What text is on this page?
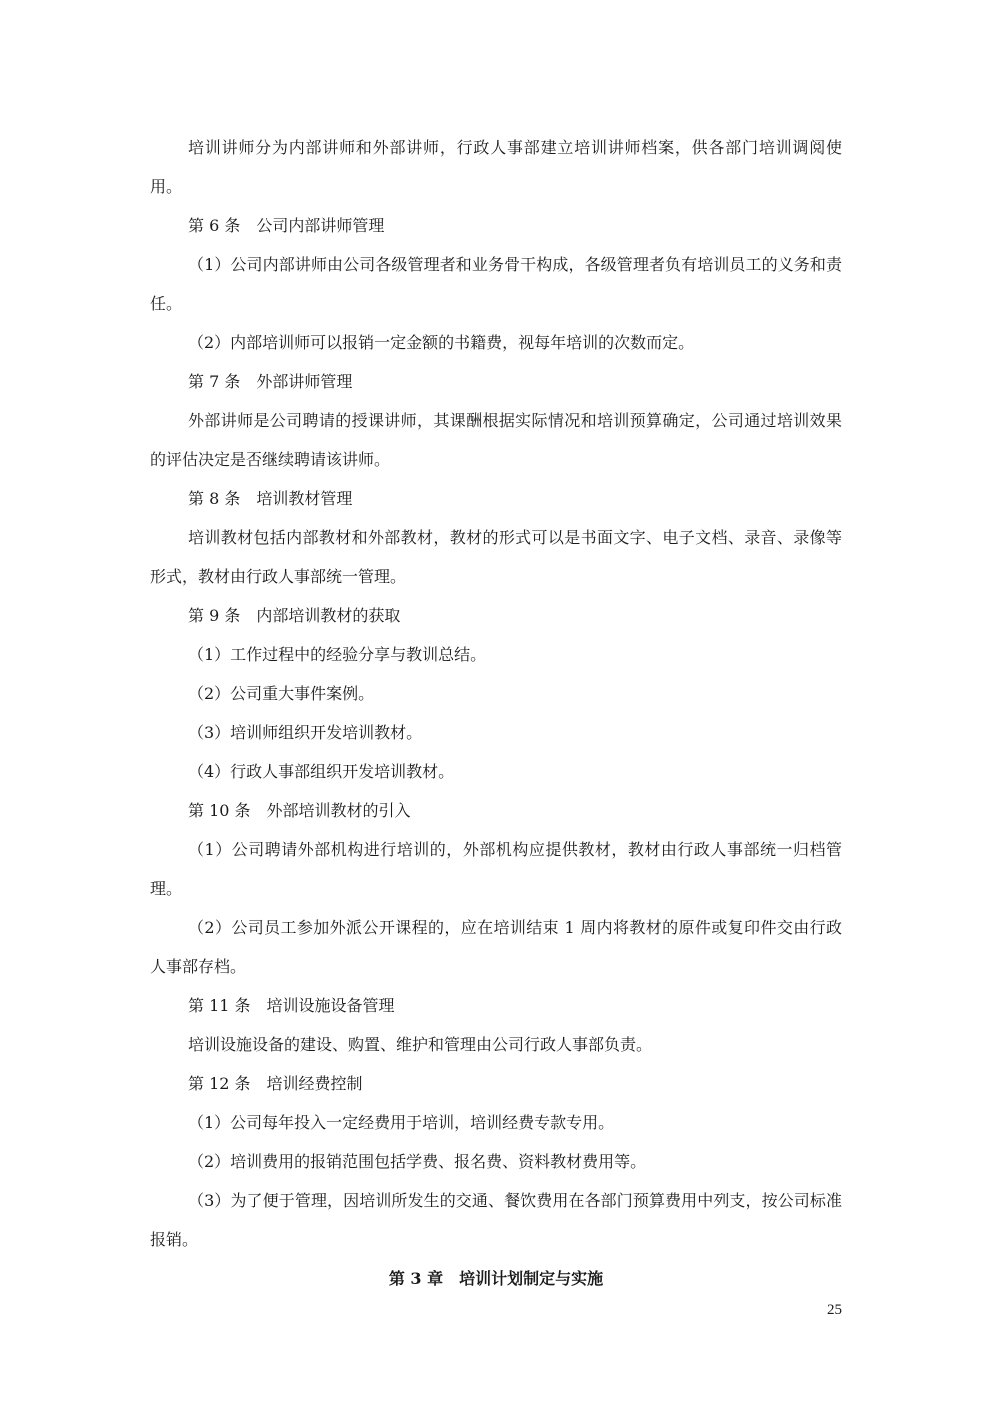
培训讲师分为内部讲师和外部讲师，行政人事部建立培训讲师档案，供各部门培训调阅使用。

第 6 条　公司内部讲师管理

（1）公司内部讲师由公司各级管理者和业务骨干构成，各级管理者负有培训员工的义务和责任。

（2）内部培训师可以报销一定金额的书籍费，视每年培训的次数而定。

第 7 条　外部讲师管理

外部讲师是公司聘请的授课讲师，其课酬根据实际情况和培训预算确定，公司通过培训效果的评估决定是否继续聘请该讲师。

第 8 条　培训教材管理

培训教材包括内部教材和外部教材，教材的形式可以是书面文字、电子文档、录音、录像等形式，教材由行政人事部统一管理。

第 9 条　内部培训教材的获取

（1）工作过程中的经验分享与教训总结。

（2）公司重大事件案例。

（3）培训师组织开发培训教材。

（4）行政人事部组织开发培训教材。

第 10 条　外部培训教材的引入

（1）公司聘请外部机构进行培训的，外部机构应提供教材，教材由行政人事部统一归档管理。

（2）公司员工参加外派公开课程的，应在培训结束 1 周内将教材的原件或复印件交由行政人事部存档。

第 11 条　培训设施设备管理

培训设施设备的建设、购置、维护和管理由公司行政人事部负责。

第 12 条　培训经费控制

（1）公司每年投入一定经费用于培训，培训经费专款专用。

（2）培训费用的报销范围包括学费、报名费、资料教材费用等。

（3）为了便于管理，因培训所发生的交通、餐饮费用在各部门预算费用中列支，按公司标准报销。

第 3 章　培训计划制定与实施

25
